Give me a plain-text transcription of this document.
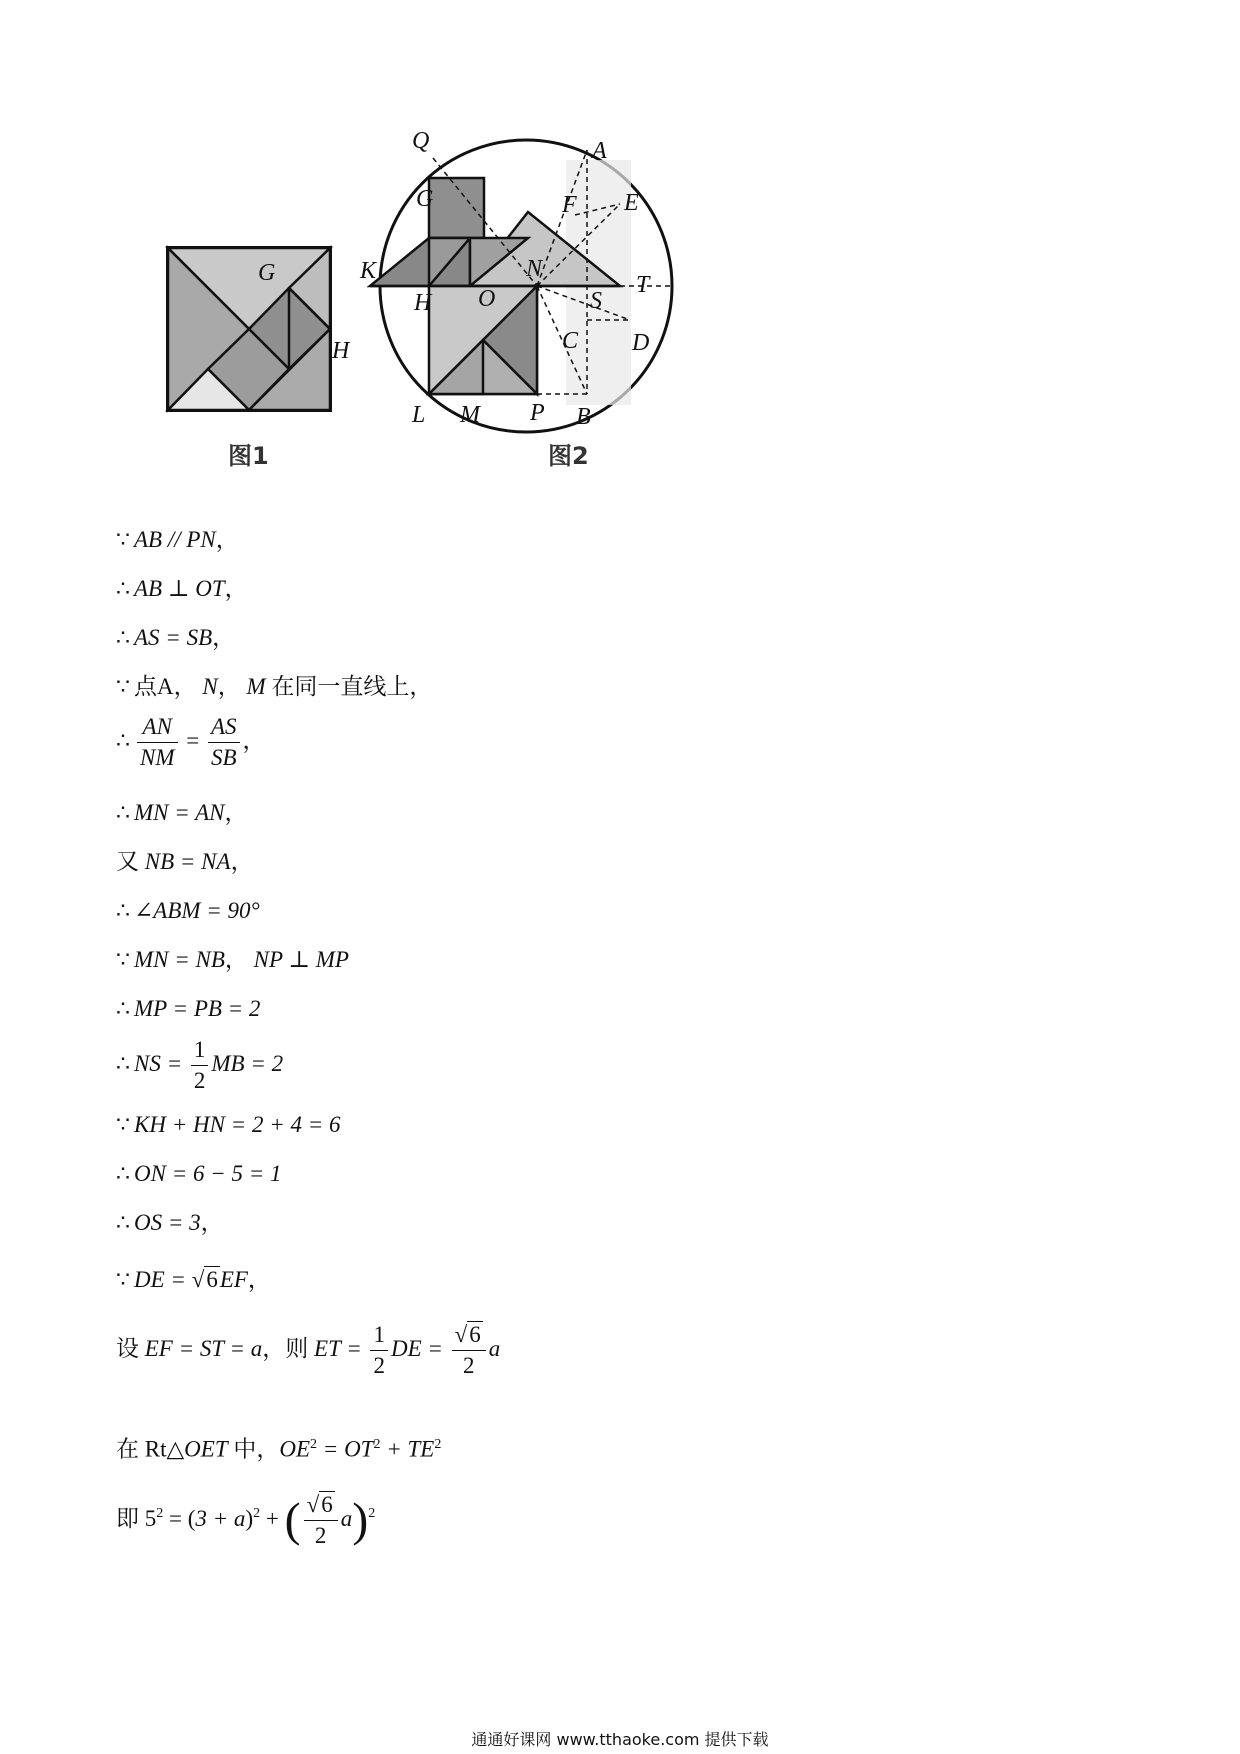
G
H
图1
Q
G
K
H O
N
S
T
A
F E
C D
L M P B
图2
∵ AB // PN，
∴ AB ⊥ OT，
∴ AS = SB，
∵ 点A， N， M 在同一直线上，
∴ $\frac{AN}{NM} = \frac{AS}{SB}$ ，
∴ MN = AN，
又 NB = NA，
∴ ∠ABM = 90°
∵ MN = NB， NP ⊥ MP
∴ MP = PB = 2
∴ NS = $\frac{1}{2}$ MB = 2
∵ KH + HN = 2 + 4 = 6
∴ ON = 6 − 5 = 1
∴ OS = 3，
∵ DE = √6EF，
设 EF = ST = a，则 ET = $\frac{1}{2}$ DE = $\frac{√6}{2}$ a
在 Rt△OET 中，$OE^2 = OT^2 + TE^2$
即 $5^2 = (3 + a)^2$ + ( $\frac{√6}{2} a)^2$
通通好课网 www.tthaoke.com 提供下载
